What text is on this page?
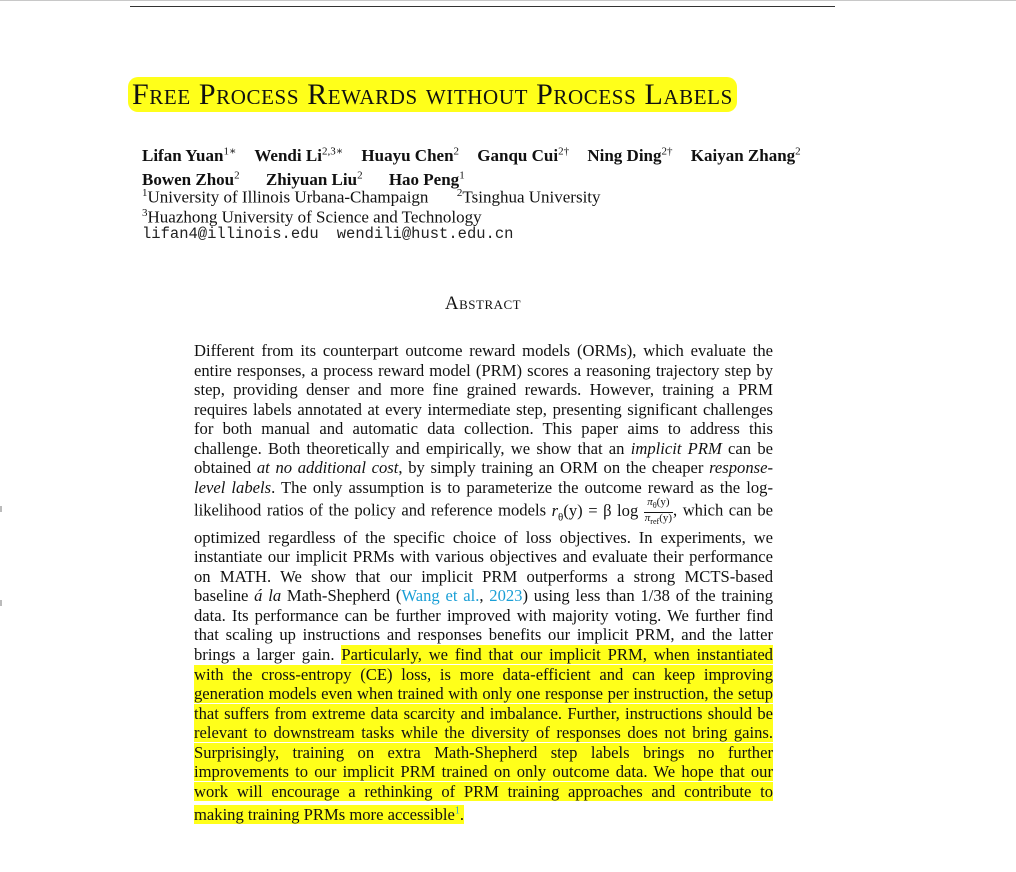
Free Process Rewards without Process Labels
Lifan Yuan$^{1∗}$ Wendi $Li^{2,3∗}$ Huayu Chen$^2$ Ganqu Cui$^{2\dagger}$ Ning Ding$^{2\dagger}$ Kaiyan Zhang$^2$
Bowen Zhou$^2$ Zhiyuan Liu$^2$ Hao Peng$^1$
$^1$University of Illinois Urbana-Champaign	$^2$Tsinghua University
$^3$Huazhong University of Science and Technology
lifan4@illinois.edu wendili@hust.edu.cn
Abstract

Different from its counterpart outcome reward models (ORMs), which evaluate the entire responses, a process reward model (PRM) scores a reasoning trajectory step by step, providing denser and more fine grained rewards. However, training a PRM requires labels annotated at every intermediate step, presenting significant challenges for both manual and automatic data collection. This paper aims to address this challenge. Both theoretically and empirically, we show that an implicit PRM can be obtained at no additional cost, by simply training an ORM on the cheaper response-level labels. The only assumption is to parameterize the outcome reward as the log-likelihood ratios of the policy and reference models $r_\theta(y) = \beta$ $\log \pi_\theta(y)$
$\pi_{ref}(y)$ , which can be optimized regardless of the specific choice of loss objectives. In experiments, we instantiate our implicit PRMs with various objectives and evaluate their performance on MATH. We show that our implicit PRM outperforms a strong MCTS-based baseline á la Math-Shepherd (Wang et al., 2023) using less than 1/38 of the training data. Its performance can be further improved with majority voting. We further find that scaling up instructions and responses benefits our implicit PRM, and the latter brings a larger gain. Particularly, we find that our implicit PRM, when instantiated with the cross-entropy (CE) loss, is more data-efficient and can keep improving generation models even when trained with only one response per instruction, the setup that suffers from extreme data scarcity and imbalance. Further, instructions should be relevant to downstream tasks while the diversity of responses does not bring gains. Surprisingly, training on extra Math-Shepherd step labels brings no further improvements to our implicit PRM trained on only outcome data. We hope that our work will encourage a rethinking of PRM training approaches and contribute to making training PRMs more accessible$^1$.
